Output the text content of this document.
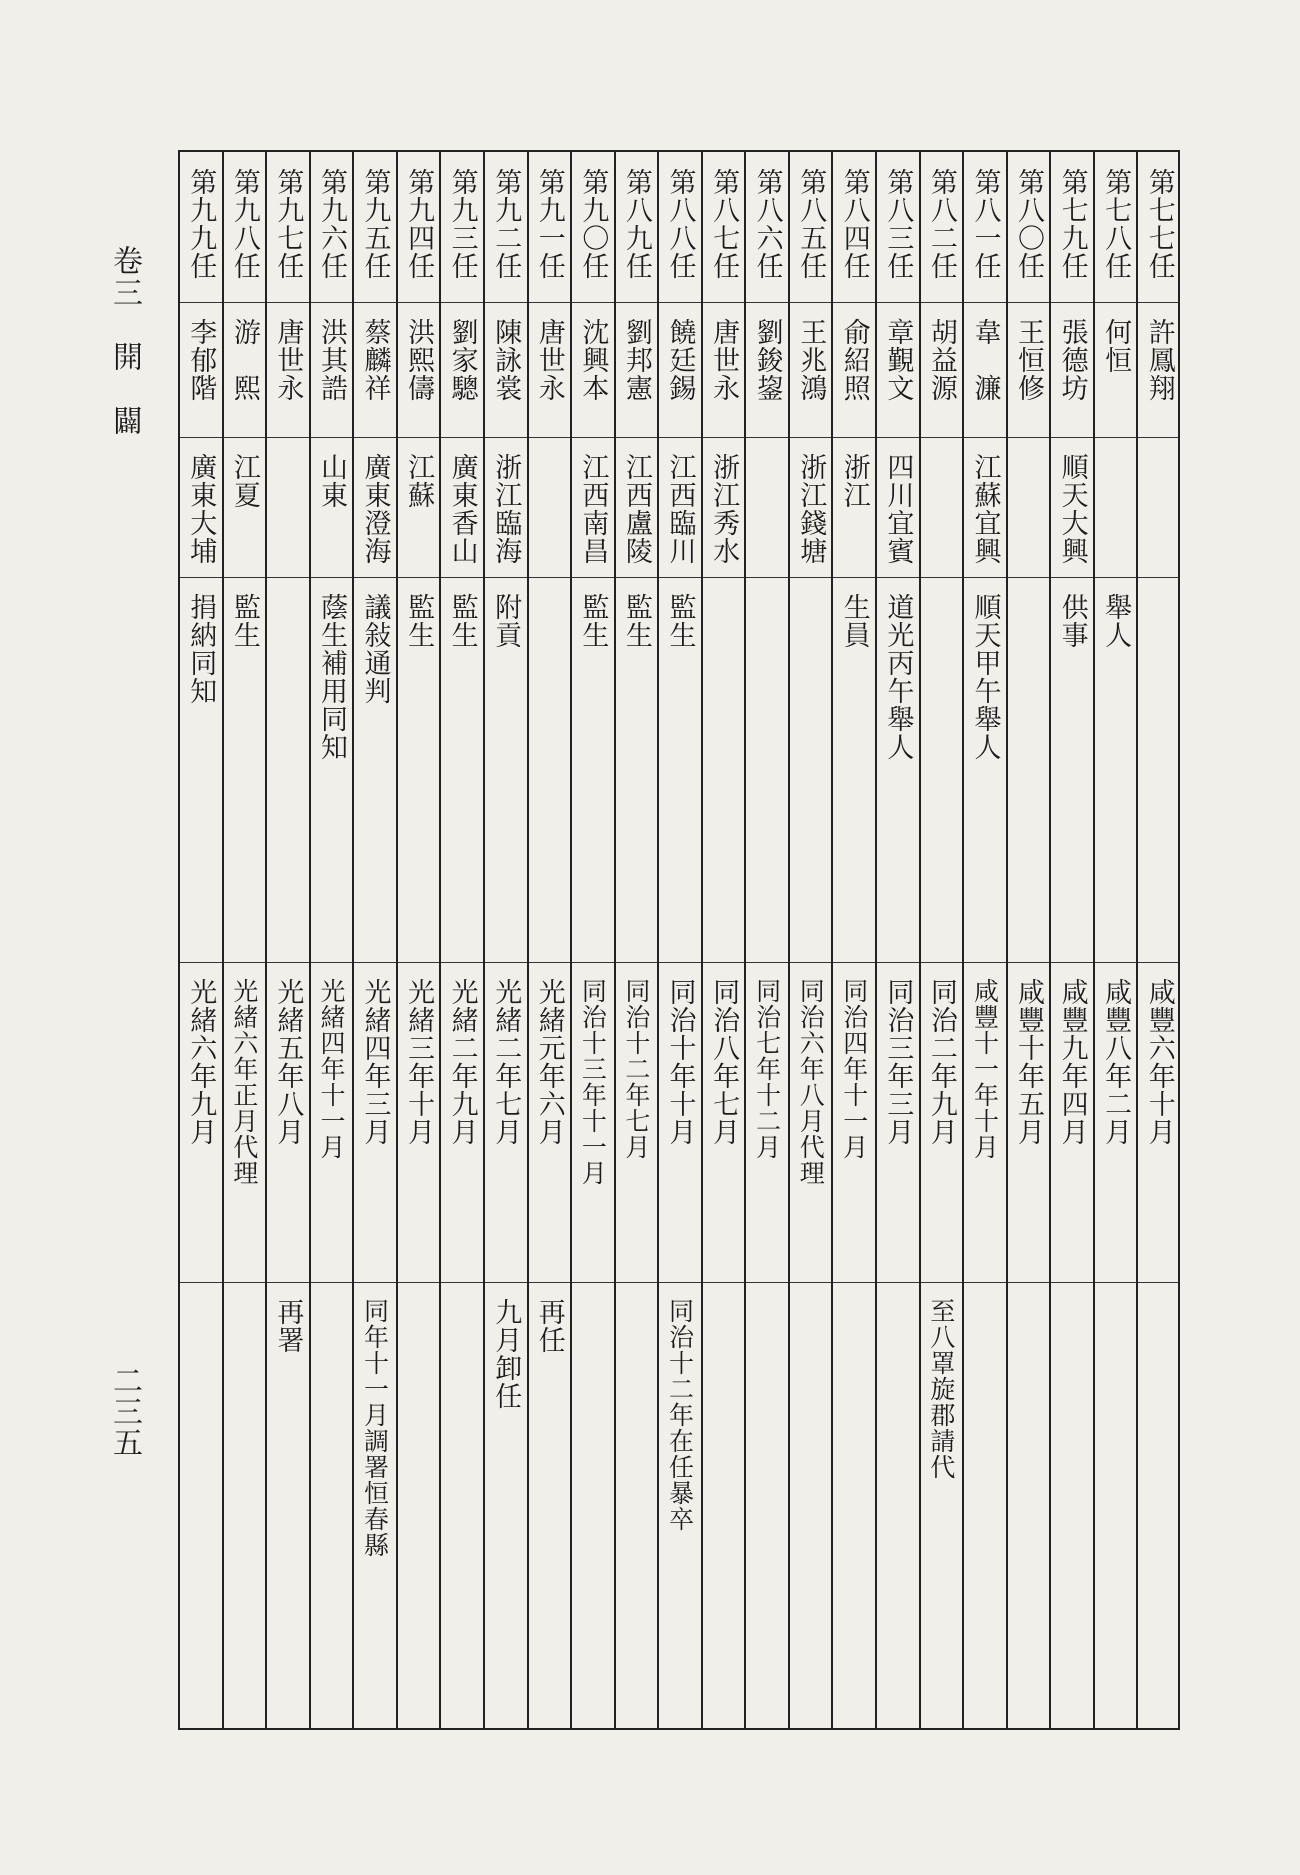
卷三　開　闢
二三五
第七七任
許鳳翔
咸豐六年十月
第七八任
何恒
舉人
咸豐八年二月
第七九任
張德坊
順天大興
供事
咸豐九年四月
第八〇任
王恒修
咸豐十年五月
第八一任
韋　濂
江蘇宜興
順天甲午舉人
咸豐十一年十月
第八二任
胡益源
同治二年九月
至八罩旋郡請代
第八三任
章覲文
四川宜賓
道光丙午舉人
同治三年三月
第八四任
俞紹照
浙江
生員
同治四年十一月
第八五任
王兆鴻
浙江錢塘
同治六年八月代理
第八六任
劉鋑鋆
同治七年十二月
第八七任
唐世永
浙江秀水
同治八年七月
第八八任
饒廷錫
江西臨川
監生
同治十年十月
同治十二年在任暴卒
第八九任
劉邦憲
江西盧陵
監生
同治十二年七月
第九〇任
沈興本
江西南昌
監生
同治十三年十一月
第九一任
唐世永
光緒元年六月
再任
第九二任
陳詠裳
浙江臨海
附貢
光緒二年七月
九月卸任
第九三任
劉家驄
廣東香山
監生
光緒二年九月
第九四任
洪熙儔
江蘇
監生
光緒三年十月
第九五任
蔡麟祥
廣東澄海
議敍通判
光緒四年三月
同年十一月調署恒春縣
第九六任
洪其誥
山東
蔭生補用同知
光緒四年十一月
第九七任
唐世永
光緒五年八月
再署
第九八任
游　熙
江夏
監生
光緒六年正月代理
第九九任
李郁階
廣東大埔
捐納同知
光緒六年九月
